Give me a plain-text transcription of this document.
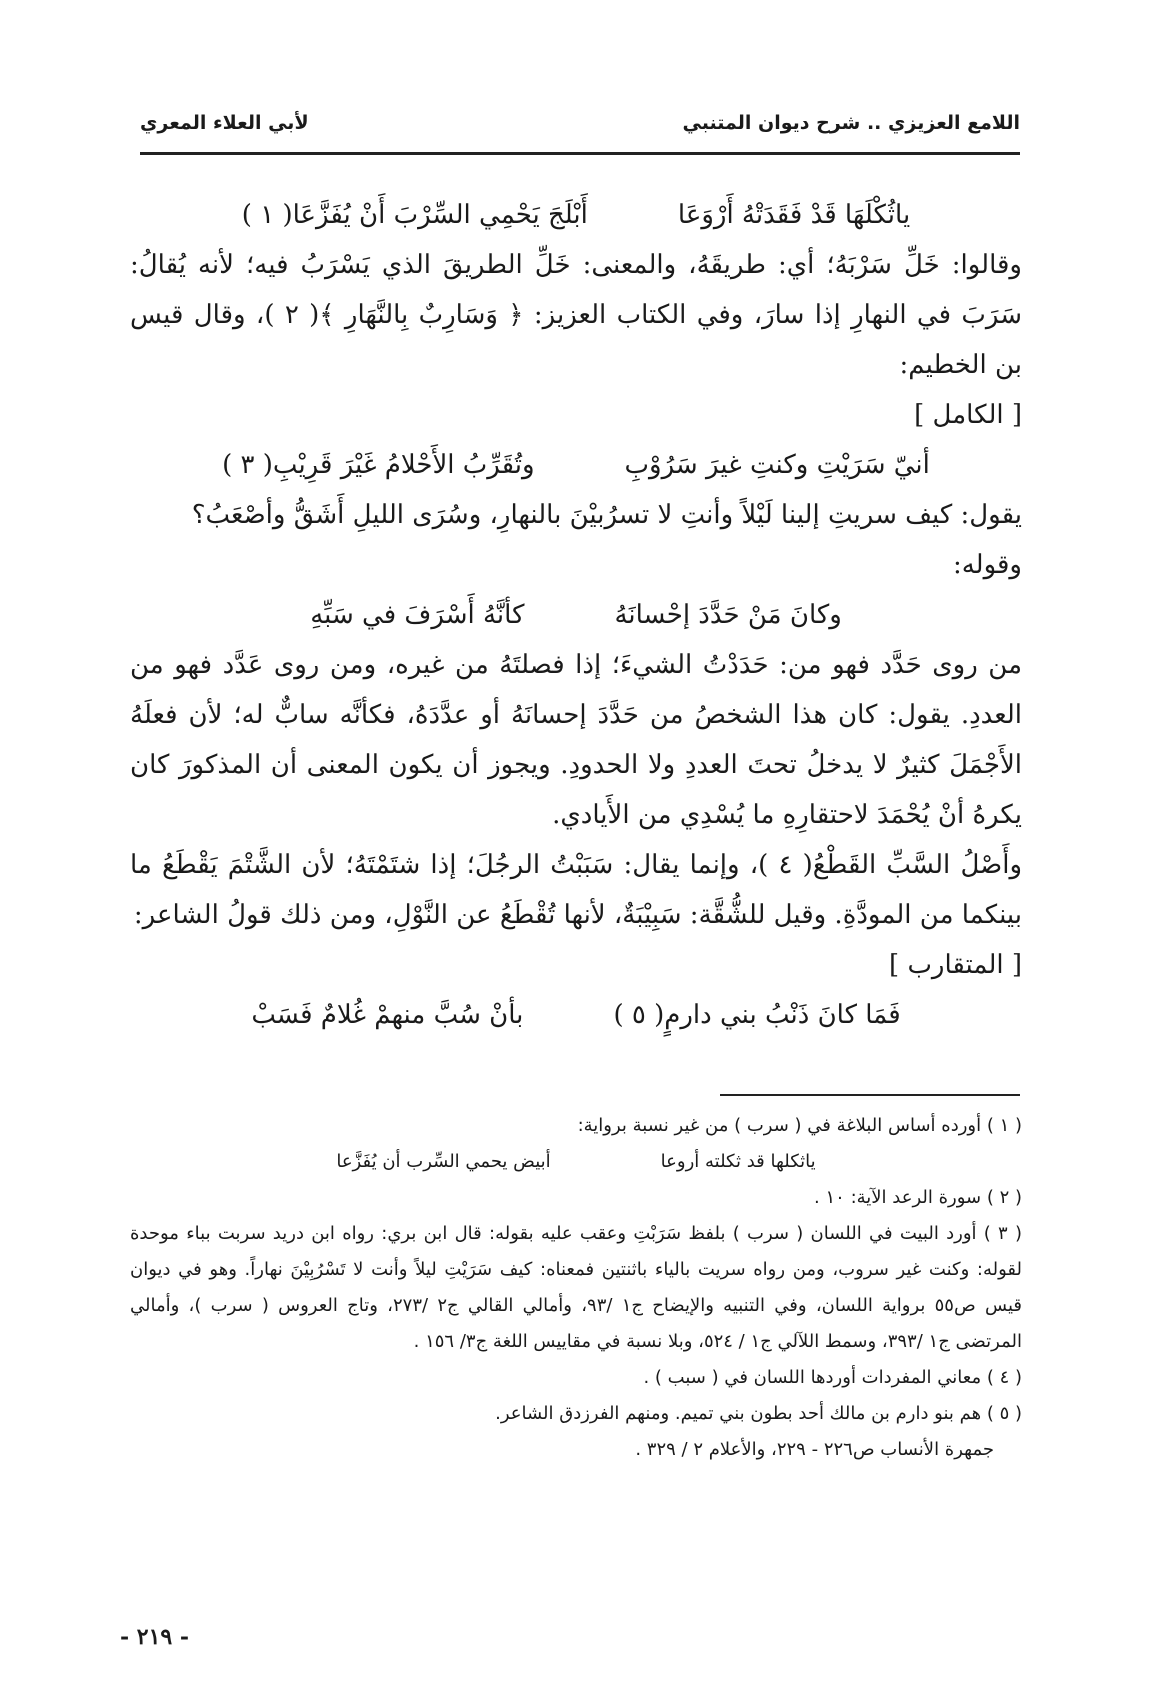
اللامع العزيزي .. شرح ديوان المتنبي
لأبي العلاء المعري

ياثُكْلَهَا قَدْ فَقَدَتْهُ أَرْوَعَا
أَبْلَجَ يَحْمِي السِّرْبَ أَنْ يُفَزَّعَا( ١ )

وقالوا: خَلِّ سَرْبَهُ؛ أي: طريقَهُ، والمعنى: خَلِّ الطريقَ الذي يَسْرَبُ فيه؛ لأنه يُقالُ: سَرَبَ في النهارِ إذا سارَ، وفي الكتاب العزيز: ﴿ وَسَارِبٌ بِالنَّهَارِ ﴾( ٢ )، وقال قيس بن الخطيم:

[ الكامل ]

أنيّ سَرَيْتِ وكنتِ غيرَ سَرُوْبِ
وتُقَرِّبُ الأَحْلامُ غَيْرَ قَرِيْبِ( ٣ )

يقول: كيف سريتِ إلينا لَيْلاً وأنتِ لا تسرُبيْنَ بالنهارِ، وسُرَى الليلِ أَشَقُّ وأصْعَبُ؟

وقوله:

وكانَ مَنْ حَدَّدَ إحْسانَهُ
كأنَّهُ أَسْرَفَ في سَبِّهِ

من روى حَدَّد فهو من: حَدَدْتُ الشيءَ؛ إذا فصلتَهُ من غيره، ومن روى عَدَّد فهو من العددِ. يقول: كان هذا الشخصُ من حَدَّدَ إحسانَهُ أو عدَّدَهُ، فكأنَّه سابٌّ له؛ لأن فعلَهُ الأَجْمَلَ كثيرٌ لا يدخلُ تحتَ العددِ ولا الحدودِ. ويجوز أن يكون المعنى أن المذكورَ كان يكرهُ أنْ يُحْمَدَ لاحتقارِهِ ما يُسْدِي من الأَيادي.

وأَصْلُ السَّبِّ القَطْعُ( ٤ )، وإنما يقال: سَبَبْتُ الرجُلَ؛ إذا شتَمْتَهُ؛ لأن الشَّتْمَ يَقْطَعُ ما بينكما من المودَّةِ. وقيل للشُّقَّة: سَبِيْبَةٌ، لأنها تُقْطَعُ عن النَّوْلِ، ومن ذلك قولُ الشاعر:

[ المتقارب ]

فَمَا كانَ ذَنْبُ بني دارمٍ( ٥ )
بأنْ سُبَّ منهمْ غُلامٌ فَسَبْ

( ١ ) أورده أساس البلاغة في ( سرب ) من غير نسبة برواية:

ياثكلها قد ثكلته أروعا
أبيض يحمي السِّرب أن يُفَزَّعا

( ٢ ) سورة الرعد الآية: ١٠ .

( ٣ ) أورد البيت في اللسان ( سرب ) بلفظ سَرَبْتِ وعقب عليه بقوله: قال ابن بري: رواه ابن دريد سربت بباء موحدة لقوله: وكنت غير سروب، ومن رواه سريت بالياء باثنتين فمعناه: كيف سَرَيْتِ ليلاً وأنت لا تَسْرُبِيْنَ نهاراً. وهو في ديوان قيس ص٥٥ برواية اللسان، وفي التنبيه والإيضاح ج١ /٩٣، وأمالي القالي ج٢ /٢٧٣، وتاج العروس ( سرب )، وأمالي المرتضى ج١ /٣٩٣، وسمط اللآلي ج١ / ٥٢٤، وبلا نسبة في مقاييس اللغة ج٣/ ١٥٦ .

( ٤ ) معاني المفردات أوردها اللسان في ( سبب ) .

( ٥ ) هم بنو دارم بن مالك أحد بطون بني تميم. ومنهم الفرزدق الشاعر.

جمهرة الأنساب ص٢٢٦ - ٢٢٩، والأعلام ٢ / ٣٢٩ .

- ٢١٩ -
